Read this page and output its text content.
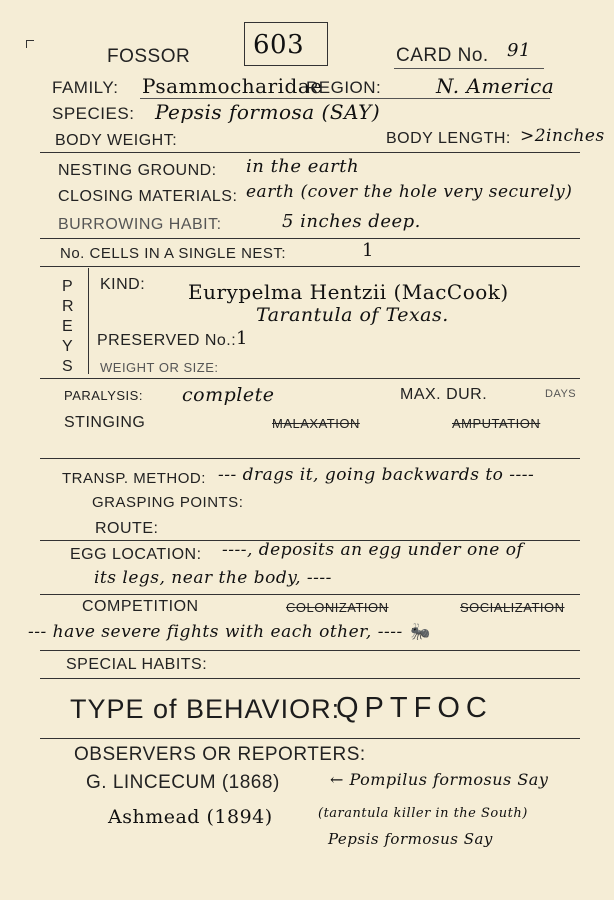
FOSSOR 603	CARD No. 91
FAMILY: Psammocharidae
REGION:	N. America
SPECIES: Pepsis formosa (SAY)
BODY WEIGHT:	BODY LENGTH: >2inches
NESTING GROUND: in the earth
CLOSING MATERIALS: earth (cover the hole very securely)
BURROWING HABIT:	5 inches deep.
No. CELLS IN A SINGLE NEST:	1
P
R
E
Y
S
KIND: Eurypelma Hentzii (MacCook)
Tarantula of Texas.
PRESERVED No.: 1
WEIGHT OR SIZE:
PARALYSIS: complete	MAX. DUR.	DAYS
STINGING	MALAXATION	AMPUTATION
TRANSP. METHOD: --- drags it, going backwards to ----
GRASPING POINTS:
ROUTE:
EGG LOCATION: ----, deposits an egg under one of
its legs, near the body, ----
COMPETITION	COLONIZATION	SOCIALIZATION
--- have severe fights with each other, ---- 🐜
SPECIAL HABITS:
TYPE of BEHAVIOR:
QPTFOC
OBSERVERS OR REPORTERS:
G. LINCECUM (1868)	← Pompilus formosus Say
Ashmead (1894)	(tarantula killer in the South)
Pepsis formosus Say
